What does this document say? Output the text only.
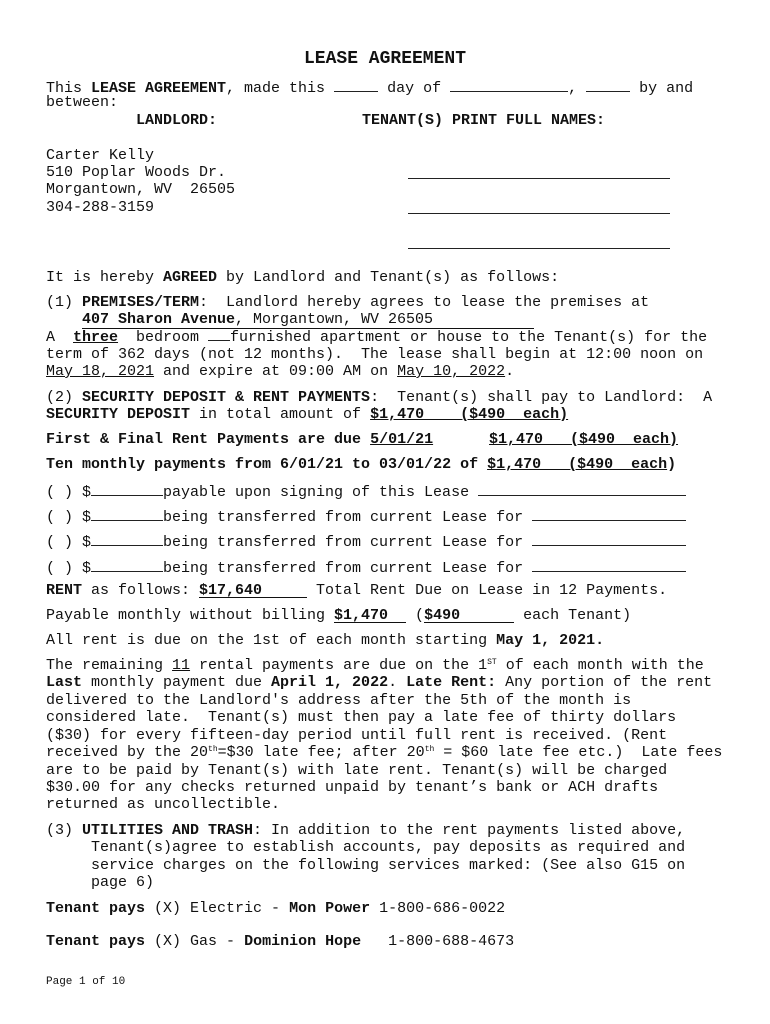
LEASE AGREEMENT
This LEASE AGREEMENT, made this	day of	,	by and
between:
LANDLORD:	TENANT(S) PRINT FULL NAMES:
Carter Kelly
510 Poplar Woods Dr.
Morgantown, WV  26505
304-288-3159
It is hereby AGREED by Landlord and Tenant(s) as follows:
(1) PREMISES/TERM:  Landlord hereby agrees to lease the premises at
407 Sharon Avenue, Morgantown, WV 26505
A  three  bedroom furnished apartment or house to the Tenant(s) for the
term of 362 days (not 12 months).  The lease shall begin at 12:00 noon on
May 18, 2021 and expire at 09:00 AM on May 10, 2022.
(2) SECURITY DEPOSIT & RENT PAYMENTS:  Tenant(s) shall pay to Landlord:  A
SECURITY DEPOSIT in total amount of $1,470    ($490  each)
First & Final Rent Payments are due 5/01/21	$1,470   ($490  each)
Ten monthly payments from 6/01/21 to 03/01/22 of $1,470   ($490  each)
( ) $	payable upon signing of this Lease
( ) $	being transferred from current Lease for
( ) $	being transferred from current Lease for
( ) $	being transferred from current Lease for
RENT as follows: $17,640	Total Rent Due on Lease in 12 Payments.
Payable monthly without billing $1,470 ($490	each Tenant)
All rent is due on the 1st of each month starting May 1, 2021.
The remaining 11 rental payments are due on the 1ST of each month with the
Last monthly payment due April 1, 2022. Late Rent: Any portion of the rent
delivered to the Landlord's address after the 5th of the month is
considered late.  Tenant(s) must then pay a late fee of thirty dollars
($30) for every fifteen-day period until full rent is received. (Rent
received by the 20th=$30 late fee; after 20th = $60 late fee etc.)  Late fees
are to be paid by Tenant(s) with late rent. Tenant(s) will be charged
$30.00 for any checks returned unpaid by tenant’s bank or ACH drafts
returned as uncollectible.
(3) UTILITIES AND TRASH: In addition to the rent payments listed above,
Tenant(s)agree to establish accounts, pay deposits as required and
service charges on the following services marked: (See also G15 on
page 6)
Tenant pays (X) Electric - Mon Power 1-800-686-0022
Tenant pays (X) Gas - Dominion Hope   1-800-688-4673
Page 1 of 10
